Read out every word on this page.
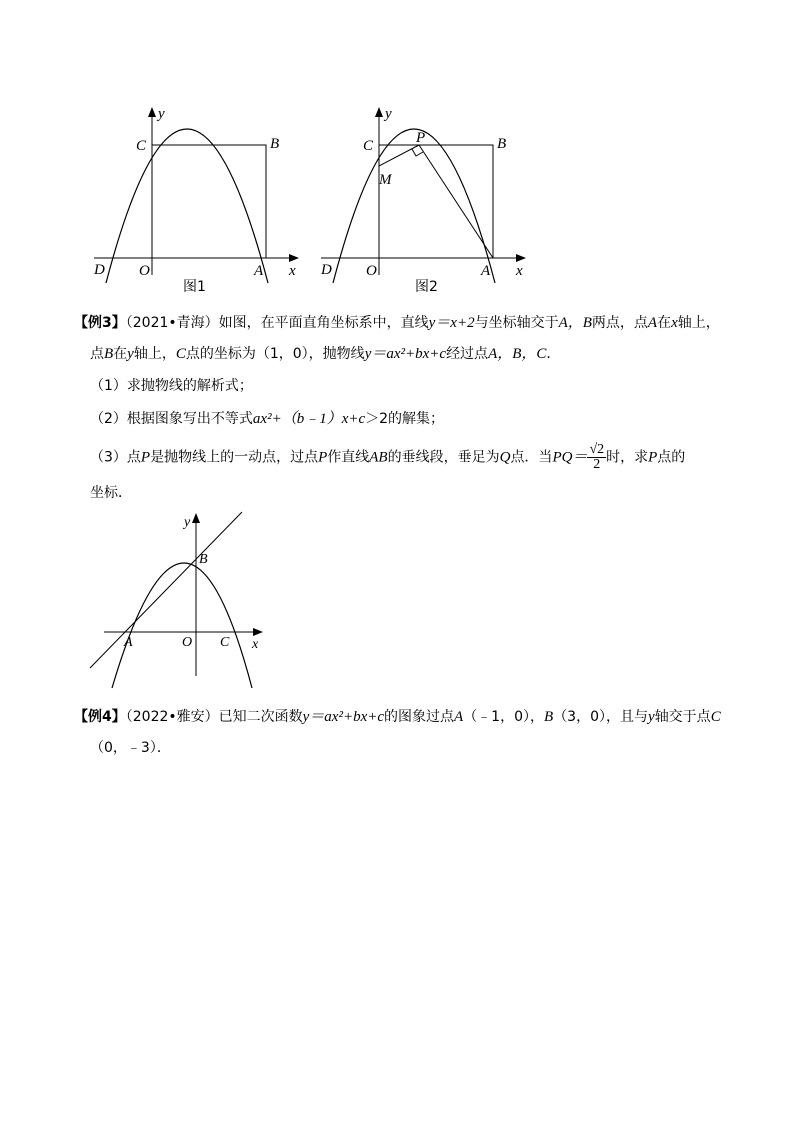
y
C	B
D O	A x
图1
y
C	P	B
M
D O	A x
图2
【例3】（2021•青海）如图，在平面直角坐标系中，直线y＝x+2与坐标轴交于A，B两点，点A在x轴上，
点B在y轴上，C点的坐标为（1，0），抛物线y＝ax²+bx+c经过点A，B，C．
（1）求抛物线的解析式；
（2）根据图象写出不等式ax²+（b﹣1）x+c＞2的解集；
（3）点P是抛物线上的一动点，过点P作直线AB的垂线段，垂足为Q点．当$PQ= \frac{√2}{2}$ 时，求P点的
坐标．
y
B
A	O C x
【例4】（2022•雅安）已知二次函数y＝ax²+bx+c的图象过点A（﹣1，0），B（3，0），且与y轴交于点C
（0，﹣3）．
